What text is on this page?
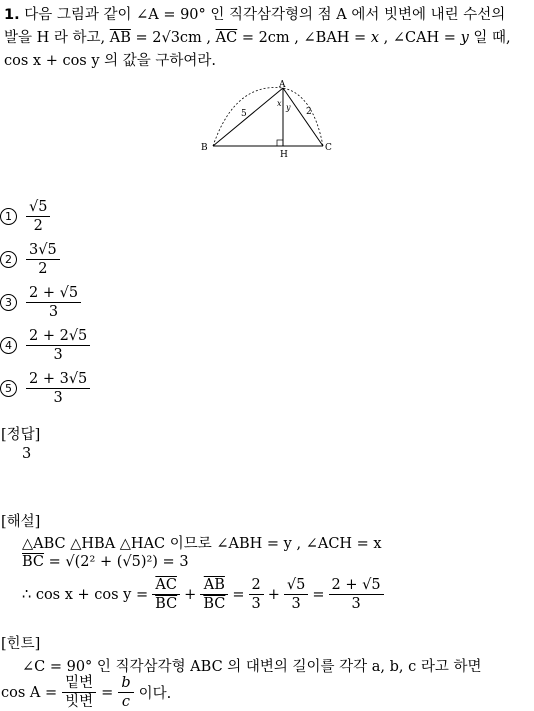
1. 다음 그림과 같이 ∠A = 90° 인 직각삼각형의 점 A 에서 빗변에 내린 수선의
발을 H 라 하고, $\overline{AB} = 2√3cm$ , $\overline{AC} = 2cm$ , ∠BAH = x , ∠CAH = y 일 때,
cos x + cos y 의 값을 구하여라.
A
B	C
H
5	2
x y
$1 \frac{√5}{2}$
$2 \frac{3√5}{2}$
$3 \frac{2 + √5}{3}$
$4 \frac{2 + 2√5}{3}$
$5 \frac{2 + 3√5}{3}$
[정답]
3
[해설]
△ABC △HBA △HAC 이므로 ∠ABH = y , ∠ACH = x
$\overline{BC} = √(2^2 + (√5)^2) = 3$
∴ $\cos x + \cos y = \frac{\overline{AC}}{BC} + \frac{\overline{AB}}{BC} = \frac{2}{3} + \frac{√5}{3} = \frac{2 + √5}{3}$
[힌트]
∠C = 90° 인 직각삼각형 ABC 의 대변의 길이를 각각 a, b, c 라고 하면
$\cos A = \frac{\text{밑변}}{\text{빗변}} = \frac{b}{c}$ 이다.
